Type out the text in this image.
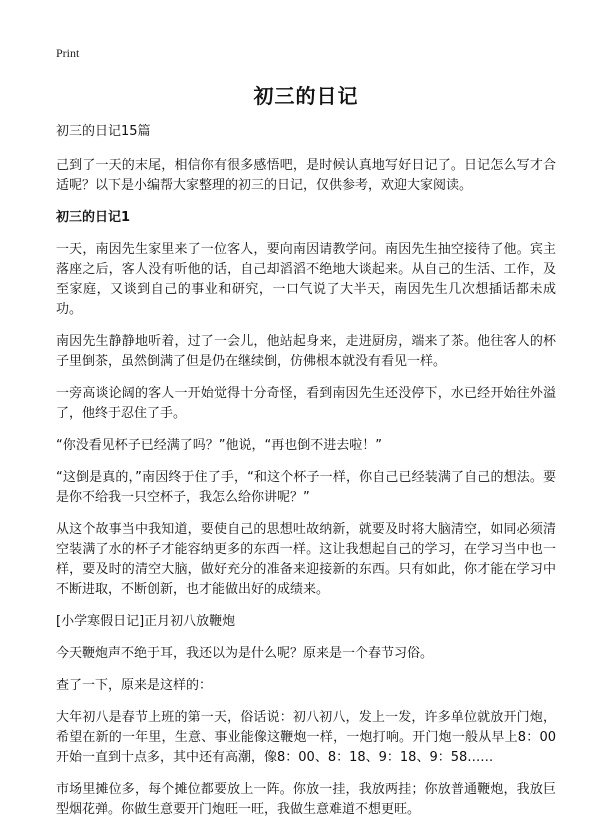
Print
初三的日记

初三的日记15篇

己到了一天的末尾，相信你有很多感悟吧，是时候认真地写好日记了。日记怎么写才合适呢？以下是小编帮大家整理的初三的日记，仅供参考，欢迎大家阅读。

初三的日记1

一天，南因先生家里来了一位客人，要向南因请教学问。南因先生抽空接待了他。宾主落座之后，客人没有听他的话，自己却滔滔不绝地大谈起来。从自己的生活、工作，及至家庭，又谈到自己的事业和研究，一口气说了大半天，南因先生几次想插话都未成功。

南因先生静静地听着，过了一会儿，他站起身来，走进厨房，端来了茶。他往客人的杯子里倒茶，虽然倒满了但是仍在继续倒，仿佛根本就没有看见一样。

一旁高谈论阔的客人一开始觉得十分奇怪，看到南因先生还没停下，水已经开始往外溢了，他终于忍住了手。

“你没看见杯子已经满了吗？”他说，“再也倒不进去啦！”

“这倒是真的，”南因终于住了手，“和这个杯子一样，你自己已经装满了自己的想法。要是你不给我一只空杯子，我怎么给你讲呢？”

从这个故事当中我知道，要使自己的思想吐故纳新，就要及时将大脑清空，如同必须清空装满了水的杯子才能容纳更多的东西一样。这让我想起自己的学习，在学习当中也一样，要及时的清空大脑，做好充分的准备来迎接新的东西。只有如此，你才能在学习中不断进取，不断创新，也才能做出好的成绩来。

[小学寒假日记]正月初八放鞭炮

今天鞭炮声不绝于耳，我还以为是什么呢？原来是一个春节习俗。

查了一下，原来是这样的：

大年初八是春节上班的第一天，俗话说：初八初八，发上一发，许多单位就放开门炮，希望在新的一年里，生意、事业能像这鞭炮一样，一炮打响。开门炮一般从早上8：00开始一直到十点多，其中还有高潮，像8：00、8：18、9：18、9：58……

市场里摊位多，每个摊位都要放上一阵。你放一挂，我放两挂；你放普通鞭炮，我放巨型烟花弹。你做生意要开门炮旺一旺，我做生意难道不想更旺。
